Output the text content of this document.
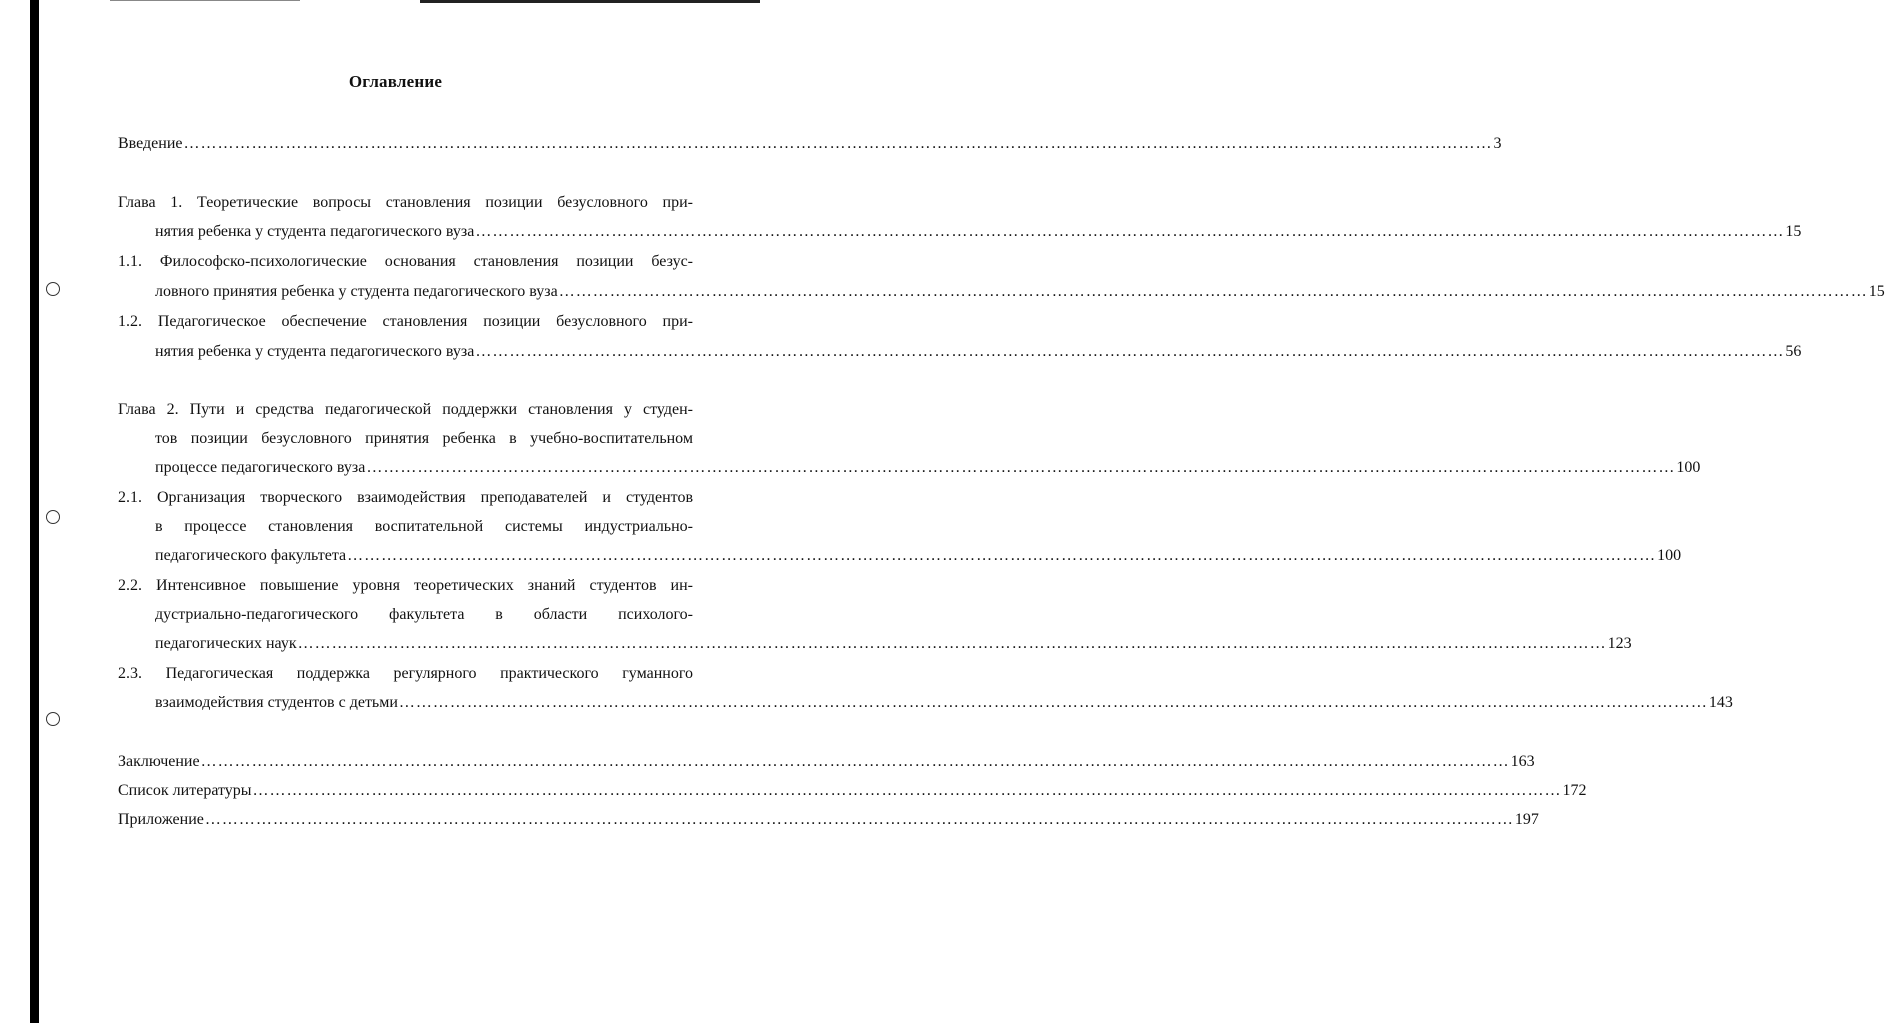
Оглавление
Введение …………………………………………………………………………………………………………………………………………………………………………………………………………… 3
Глава 1. Теоретические вопросы становления позиции безусловного при-
нятия ребенка у студента педагогического вуза …………………………………………………………………………………………………………………………………………………………………………………………………………… 15
1.1. Философско-психологические основания становления позиции безус-
ловного принятия ребенка у студента педагогического вуза …………………………………………………………………………………………………………………………………………………………………………………………………………… 15
1.2. Педагогическое обеспечение становления позиции безусловного при-
нятия ребенка у студента педагогического вуза …………………………………………………………………………………………………………………………………………………………………………………………………………… 56
Глава 2. Пути и средства педагогической поддержки становления у студен-
тов позиции безусловного принятия ребенка в учебно-воспитательном
процессе педагогического вуза …………………………………………………………………………………………………………………………………………………………………………………………………………… 100
2.1. Организация творческого взаимодействия преподавателей и студентов
в процессе становления воспитательной системы индустриально-
педагогического факультета …………………………………………………………………………………………………………………………………………………………………………………………………………… 100
2.2. Интенсивное повышение уровня теоретических знаний студентов ин-
дустриально-педагогического факультета в области психолого-
педагогических наук …………………………………………………………………………………………………………………………………………………………………………………………………………… 123
2.3. Педагогическая поддержка регулярного практического гуманного
взаимодействия студентов с детьми …………………………………………………………………………………………………………………………………………………………………………………………………………… 143
Заключение …………………………………………………………………………………………………………………………………………………………………………………………………………… 163
Список литературы …………………………………………………………………………………………………………………………………………………………………………………………………………… 172
Приложение …………………………………………………………………………………………………………………………………………………………………………………………………………… 197
